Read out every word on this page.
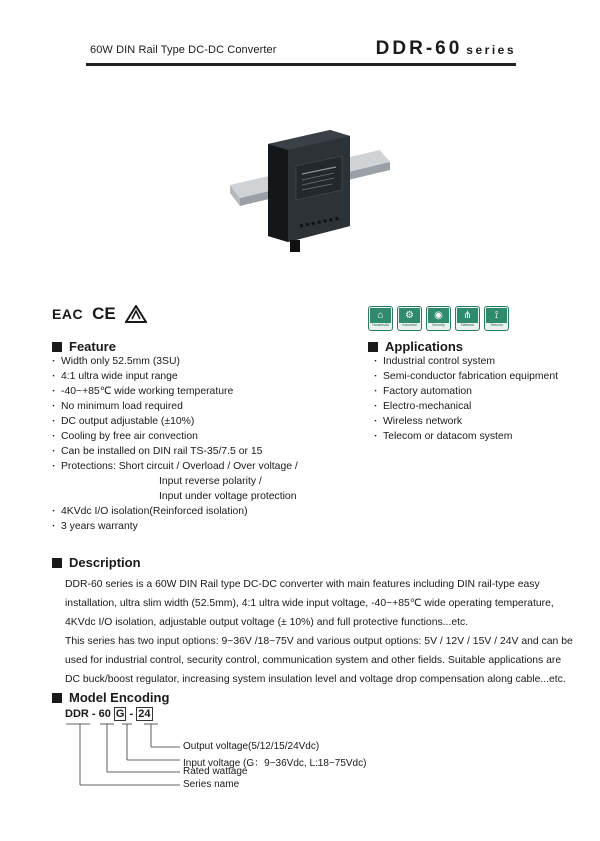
60W DIN Rail Type DC-DC Converter	DDR-60 series
EAC CE	⌂
Household
⚙
Industrial
◉
Security
⋔
Network
⟟
Telecom
Feature
・ Width only 52.5mm (3SU)
・ 4:1 ultra wide input range
・ -40~+85℃ wide working temperature
・ No minimum load required
・ DC output adjustable (±10%)
・ Cooling by free air convection
・ Can be installed on DIN rail TS-35/7.5 or 15
・ Protections: Short circuit / Overload / Over voltage /
Input reverse polarity /
Input under voltage protection
・ 4KVdc I/O isolation(Reinforced isolation)
・ 3 years warranty
Applications
・ Industrial control system
・ Semi-conductor fabrication equipment
・ Factory automation
・ Electro-mechanical
・ Wireless network
・ Telecom or datacom system
Description

DDR-60 series is a 60W DIN Rail type DC-DC converter with main features including DIN rail-type easy installation, ultra slim width (52.5mm), 4:1 ultra wide input voltage, -40~+85℃ wide operating temperature, 4KVdc I/O isolation, adjustable output voltage (± 10%) and full protective functions...etc.

This series has two input options: 9~36V /18~75V and various output options: 5V / 12V / 15V / 24V and can be used for industrial control, security control, communication system and other fields. Suitable applications are DC buck/boost regulator, increasing system insulation level and voltage drop compensation along cable...etc.

Model Encoding
DDR - 60 G - 24
Output voltage(5/12/15/24Vdc)
Input voltage (G：9~36Vdc, L:18~75Vdc)
Rated wattage
Series name
